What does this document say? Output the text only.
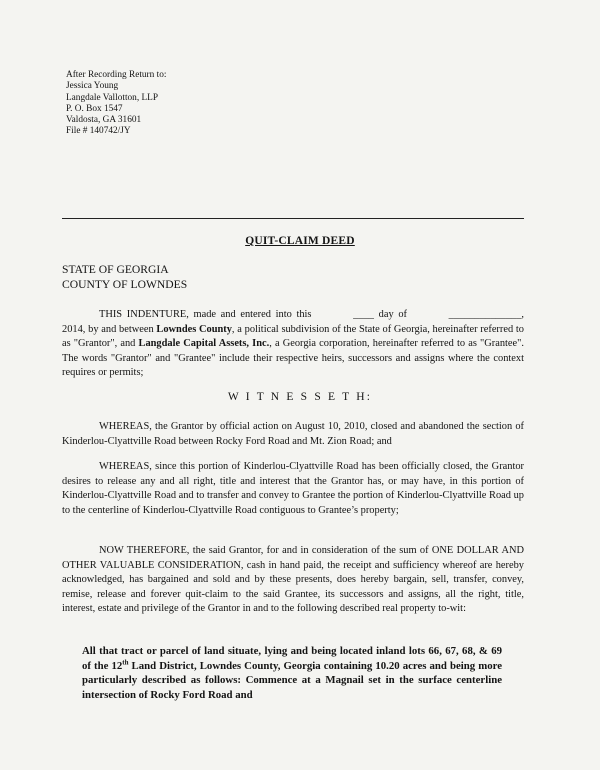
After Recording Return to:
Jessica Young
Langdale Vallotton, LLP
P. O. Box 1547
Valdosta, GA 31601
File # 140742/JY
QUIT-CLAIM DEED
STATE OF GEORGIA
COUNTY OF LOWNDES
THIS INDENTURE, made and entered into this	____ day of	______________, 2014, by and between Lowndes County, a political subdivision of the State of Georgia, hereinafter referred to as "Grantor", and Langdale Capital Assets, Inc., a Georgia corporation, hereinafter referred to as "Grantee". The words "Grantor" and "Grantee" include their respective heirs, successors and assigns where the context requires or permits;
W I T N E S S E T H:
WHEREAS, the Grantor by official action on August 10, 2010, closed and abandoned the section of Kinderlou-Clyattville Road between Rocky Ford Road and Mt. Zion Road; and
WHEREAS, since this portion of Kinderlou-Clyattville Road has been officially closed, the Grantor desires to release any and all right, title and interest that the Grantor has, or may have, in this portion of Kinderlou-Clyattville Road and to transfer and convey to Grantee the portion of Kinderlou-Clyattville Road up to the centerline of Kinderlou-Clyattville Road contiguous to Grantee’s property;
NOW THEREFORE, the said Grantor, for and in consideration of the sum of ONE DOLLAR AND OTHER VALUABLE CONSIDERATION, cash in hand paid, the receipt and sufficiency whereof are hereby acknowledged, has bargained and sold and by these presents, does hereby bargain, sell, transfer, convey, remise, release and forever quit-claim to the said Grantee, its successors and assigns, all the right, title, interest, estate and privilege of the Grantor in and to the following described real property to-wit:
All that tract or parcel of land situate, lying and being located inland lots 66, 67, 68, & 69 of the 12th Land District, Lowndes County, Georgia containing 10.20 acres and being more particularly described as follows: Commence at a Magnail set in the surface centerline intersection of Rocky Ford Road and
